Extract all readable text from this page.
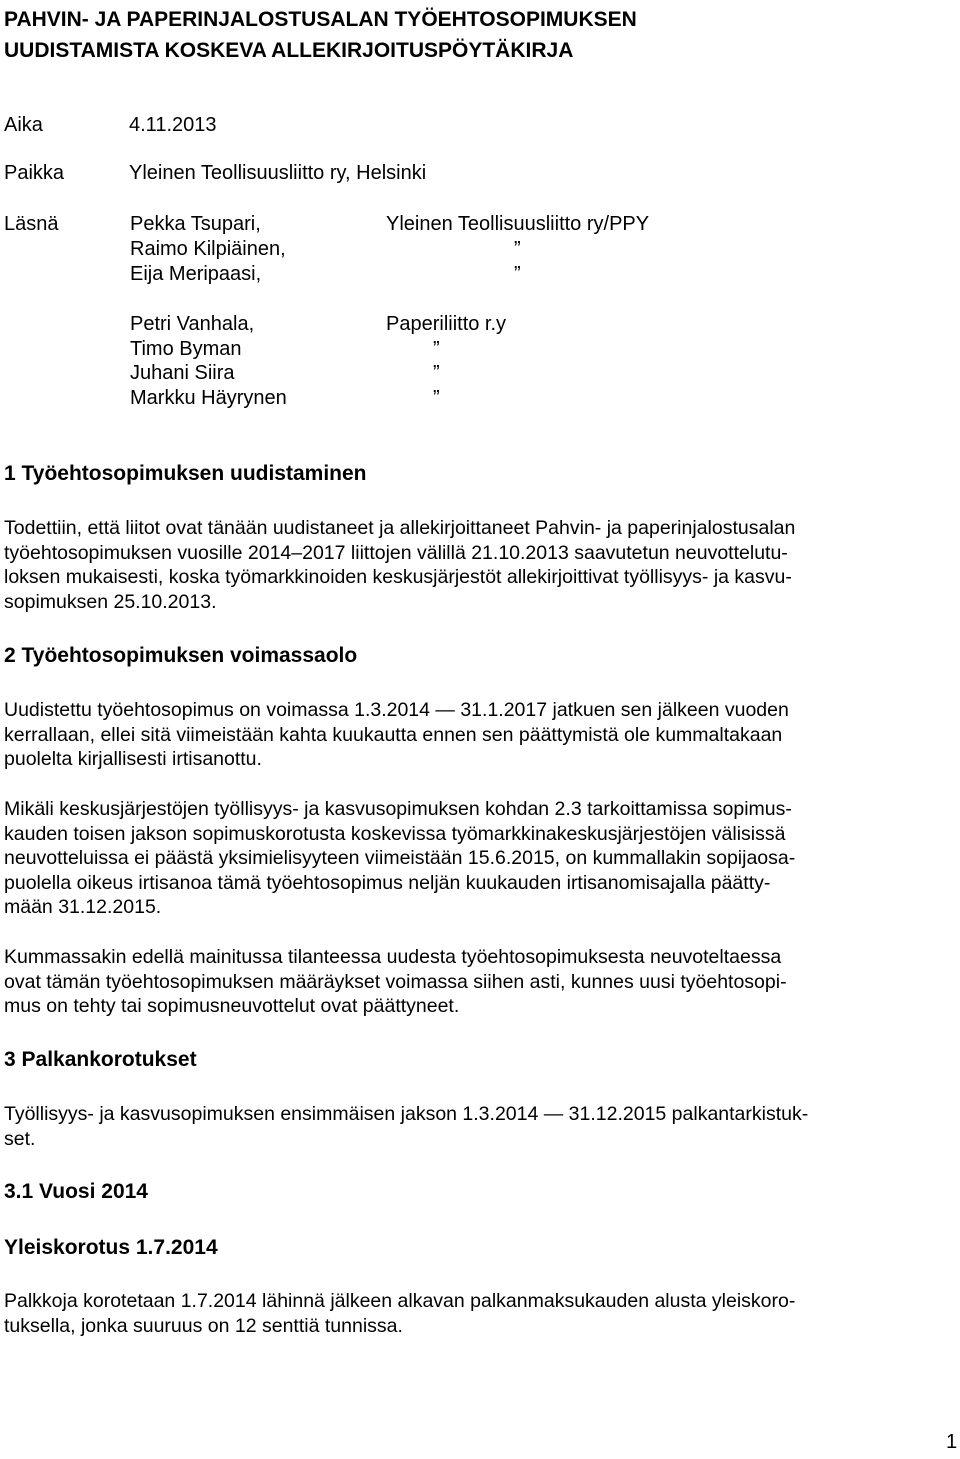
PAHVIN- JA PAPERINJALOSTUSALAN TYÖEHTOSOPIMUKSEN
UUDISTAMISTA KOSKEVA ALLEKIRJOITUSPÖYTÄKIRJA
Aika	4.11.2013
Paikka	Yleinen Teollisuusliitto ry, Helsinki
Läsnä	Pekka Tsupari,	Yleinen Teollisuusliitto ry/PPY
Raimo Kilpiäinen,	”
Eija Meripaasi,	”
Petri Vanhala,	Paperiliitto r.y
Timo Byman	”
Juhani Siira	”
Markku Häyrynen	”
1 Työehtosopimuksen uudistaminen

Todettiin, että liitot ovat tänään uudistaneet ja allekirjoittaneet Pahvin- ja paperinjalostusalan
työehtosopimuksen vuosille 2014–2017 liittojen välillä 21.10.2013 saavutetun neuvottelutu-
loksen mukaisesti, koska työmarkkinoiden keskusjärjestöt allekirjoittivat työllisyys- ja kasvu-
sopimuksen 25.10.2013.

2 Työehtosopimuksen voimassaolo

Uudistettu työehtosopimus on voimassa 1.3.2014 — 31.1.2017 jatkuen sen jälkeen vuoden
kerrallaan, ellei sitä viimeistään kahta kuukautta ennen sen päättymistä ole kummaltakaan
puolelta kirjallisesti irtisanottu.

Mikäli keskusjärjestöjen työllisyys- ja kasvusopimuksen kohdan 2.3 tarkoittamissa sopimus-
kauden toisen jakson sopimuskorotusta koskevissa työmarkkinakeskusjärjestöjen välisissä
neuvotteluissa ei päästä yksimielisyyteen viimeistään 15.6.2015, on kummallakin sopijaosa-
puolella oikeus irtisanoa tämä työehtosopimus neljän kuukauden irtisanomisajalla päätty-
mään 31.12.2015.

Kummassakin edellä mainitussa tilanteessa uudesta työehtosopimuksesta neuvoteltaessa
ovat tämän työehtosopimuksen määräykset voimassa siihen asti, kunnes uusi työehtosopi-
mus on tehty tai sopimusneuvottelut ovat päättyneet.

3 Palkankorotukset

Työllisyys- ja kasvusopimuksen ensimmäisen jakson 1.3.2014 — 31.12.2015 palkantarkistuk-
set.

3.1 Vuosi 2014
Yleiskorotus 1.7.2014

Palkkoja korotetaan 1.7.2014 lähinnä jälkeen alkavan palkanmaksukauden alusta yleiskoro-
tuksella, jonka suuruus on 12 senttiä tunnissa.

1
